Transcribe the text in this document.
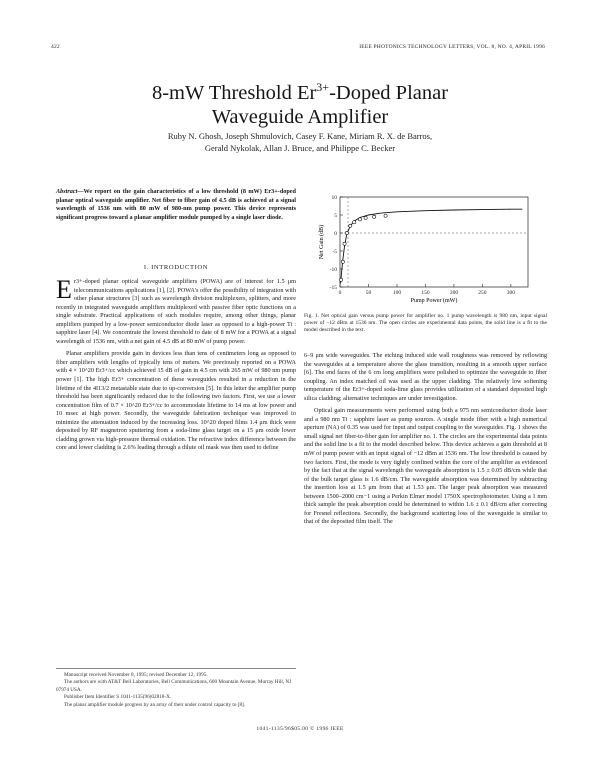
422	IEEE PHOTONICS TECHNOLOGY LETTERS, VOL. 8, NO. 4, APRIL 1996
8-mW Threshold $Er^{3+}$-Doped Planar
Waveguide Amplifier
Ruby N. Ghosh, Joseph Shmulovich, Casey F. Kane, Miriam R. X. de Barros,
Gerald Nykolak, Allan J. Bruce, and Philippe C. Becker
Abstract—We report on the gain characteristics of a low threshold (8 mW) Er3+-doped planar optical waveguide amplifier. Net fiber to fiber gain of 4.5 dB is achieved at a signal wavelength of 1536 nm with 80 mW of 980-nm pump power. This device represents significant progress toward a planar amplifier module pumped by a single laser diode.
I. INTRODUCTION
Er3+-doped planar optical waveguide amplifiers (POWA) are of interest for 1.5 μm telecommunications applications [1], [2]. POWA's offer the possibility of integration with other planar structures [3] such as wavelength division multiplexers, splitters, and more recently in integrated waveguide amplifiers multiplexed with passive fiber optic functions on a single substrate. Practical applications of such modules require, among other things, planar amplifiers pumped by a low-power semiconductor diode laser as opposed to a high-power Ti : sapphire laser [4]. We concentrate the lowest threshold to date of 8 mW for a POWA at a signal wavelength of 1536 nm, with a net gain of 4.5 dB at 80 mW of pump power.

Planar amplifiers provide gain in devices less than tens of centimeters long as opposed to fiber amplifiers with lengths of typically tens of meters. We previously reported on a POWA with 4 × 10^20 Er3+/cc which achieved 15 dB of gain in 4.5 cm with 265 mW of 980 nm pump power [1]. The high Er3+ concentration of these waveguides resulted in a reduction in the lifetime of the 4I13/2 metastable state due to up-conversion [5]. In this letter the amplifier pump threshold has been significantly reduced due to the following two factors. First, we use a lower concentration film of 0.7 × 10^20 Er3+/cc to accommodate lifetime to 14 ms at low power and 10 msec at high power. Secondly, the waveguide fabrication technique was improved to minimize the attenuation induced by the increasing loss. 10^20 doped films 1.4 μm thick were deposited by RF magnetron sputtering from a soda-lime glass target on a 15 μm oxide lower cladding grown via high-pressure thermal oxidation. The refractive index difference between the core and lower cladding is 2.6% leading through a dilute oil mask was then used to define

Manuscript received November 8, 1995; revised December 12, 1995.

The authors are with AT&T Bell Laboratories, Bell Communications, 600 Mountain Avenue, Murray Hill, NJ 07974 USA.

Publisher Item Identifier S 1041-1135(96)02818-X.

The planar amplifier module progress by an array of their under control capacity to [8].

0	50	100	150	200	250	300
10
5
0
-5
-10
-15
Pump Power (mW)
Net Gain (dB)
Fig. 1. Net optical gain versus pump power for amplifier no. 1 pump wavelength is 980 nm, input signal power of −12 dBm at 1536 nm. The open circles are experimental data points, the solid line is a fit to the model described in the text.

6–9 μm wide waveguides. The etching induced side wall roughness was removed by reflowing the waveguides at a temperature above the glass transition, resulting in a smooth upper surface [6]. The end faces of the 6 cm long amplifiers were polished to optimize the waveguide to fiber coupling. An index matched oil was used as the upper cladding. The relatively low softening temperature of the Er3+-doped soda-lime glass provides utilization of a standard deposited high silica cladding; alternative techniques are under investigation.

Optical gain measurements were performed using both a 975 nm semiconductor diode laser and a 980 nm Ti : sapphire laser as pump sources. A single mode fiber with a high numerical aperture (NA) of 0.35 was used for input and output coupling to the waveguides. Fig. 1 shows the small signal net fiber-to-fiber gain for amplifier no. 1. The circles are the experimental data points and the solid line is a fit to the model described below. This device achieves a gain threshold at 8 mW of pump power with an input signal of −12 dBm at 1536 nm. The low threshold is caused by two factors. First, the mode is very tightly confined within the core of the amplifier as evidenced by the fact that at the signal wavelength the waveguide absorption is 1.5 ± 0.05 dB/cm while that of the bulk target glass is 1.6 dB/cm. The waveguide absorption was determined by subtracting the insertion loss at 1.5 μm from that at 1.53 μm. The larger peak absorption was measured between 1500–2000 cm−1 using a Perkin Elmer model 1750X spectrophotometer. Using a 1 mm thick sample the peak absorption could be determined to within 1.6 ± 0.1 dB/cm after correcting for Fresnel reflections. Secondly, the background scattering loss of the waveguide is similar to that of the deposited film itself. The

1041-1135/96$05.00 © 1996 IEEE
